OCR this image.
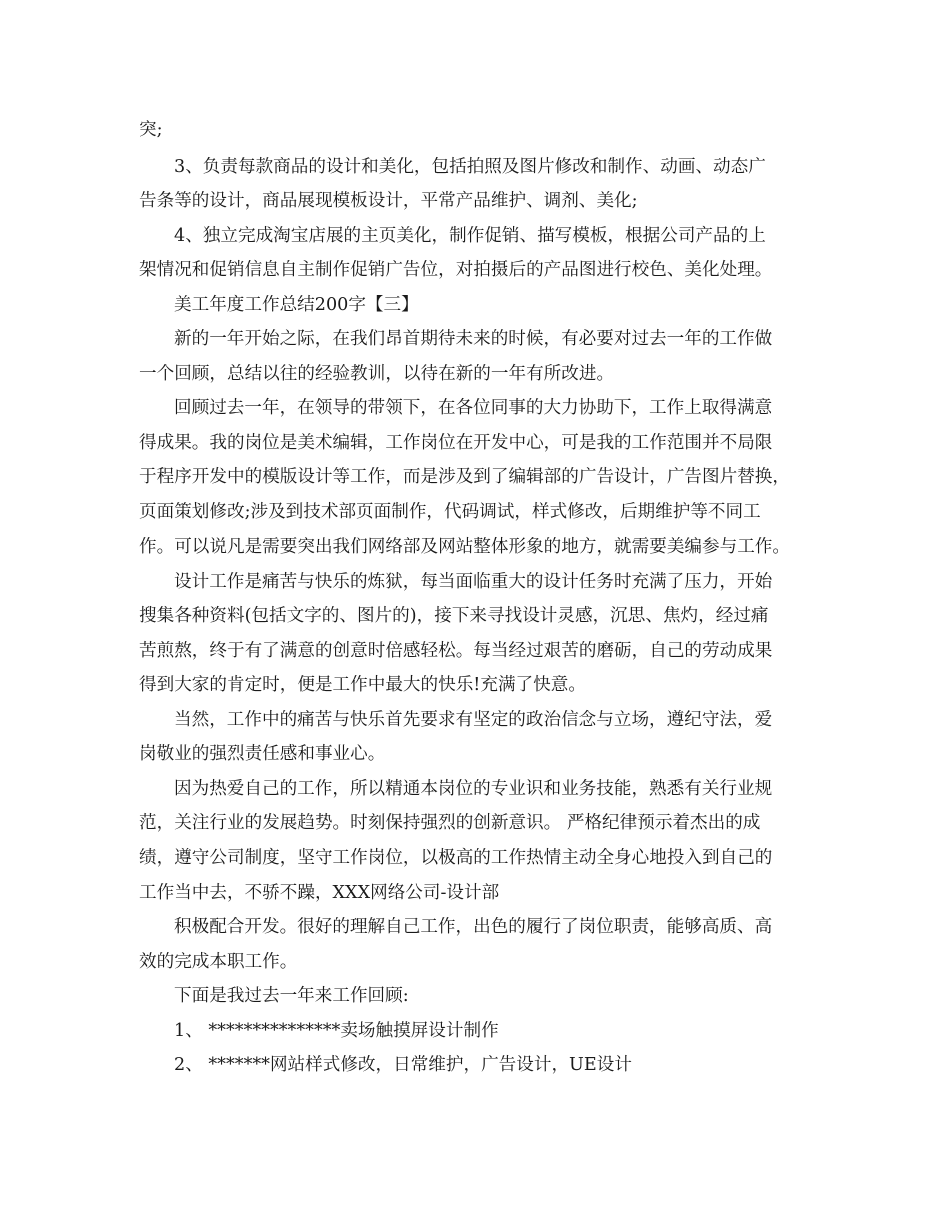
突;
3、负责每款商品的设计和美化，包括拍照及图片修改和制作、动画、动态广
告条等的设计，商品展现模板设计，平常产品维护、调剂、美化;
4、独立完成淘宝店展的主页美化，制作促销、描写模板，根据公司产品的上
架情况和促销信息自主制作促销广告位，对拍摄后的产品图进行校色、美化处理。
美工年度工作总结200字【三】
新的一年开始之际，在我们昂首期待未来的时候，有必要对过去一年的工作做
一个回顾，总结以往的经验教训，以待在新的一年有所改进。
回顾过去一年，在领导的带领下，在各位同事的大力协助下，工作上取得满意
得成果。我的岗位是美术编辑，工作岗位在开发中心，可是我的工作范围并不局限
于程序开发中的模版设计等工作，而是涉及到了编辑部的广告设计，广告图片替换，
页面策划修改;涉及到技术部页面制作，代码调试，样式修改，后期维护等不同工
作。可以说凡是需要突出我们网络部及网站整体形象的地方，就需要美编参与工作。
设计工作是痛苦与快乐的炼狱，每当面临重大的设计任务时充满了压力，开始
搜集各种资料(包括文字的、图片的)，接下来寻找设计灵感，沉思、焦灼，经过痛
苦煎熬，终于有了满意的创意时倍感轻松。每当经过艰苦的磨砺，自己的劳动成果
得到大家的肯定时，便是工作中最大的快乐!充满了快意。
当然，工作中的痛苦与快乐首先要求有坚定的政治信念与立场，遵纪守法，爱
岗敬业的强烈责任感和事业心。
因为热爱自己的工作，所以精通本岗位的专业识和业务技能，熟悉有关行业规
范，关注行业的发展趋势。时刻保持强烈的创新意识。 严格纪律预示着杰出的成
绩，遵守公司制度，坚守工作岗位，以极高的工作热情主动全身心地投入到自己的
工作当中去，不骄不躁，XXX网络公司-设计部
积极配合开发。很好的理解自己工作，出色的履行了岗位职责，能够高质、高
效的完成本职工作。
下面是我过去一年来工作回顾:
1、 ***************卖场触摸屏设计制作
2、 *******网站样式修改，日常维护，广告设计，UE设计
